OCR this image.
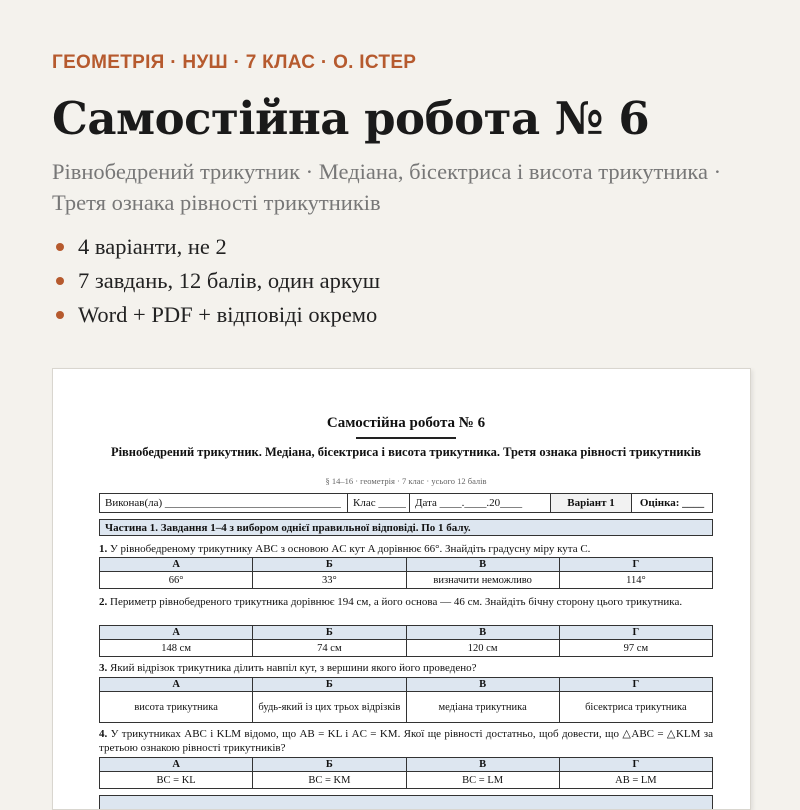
ГЕОМЕТРІЯ · НУШ · 7 КЛАС · О. ІСТЕР
Самостійна робота № 6
Рівнобедрений трикутник · Медіана, бісектриса і висота трикутника · Третя ознака рівності трикутників
4 варіанти, не 2
7 завдань, 12 балів, один аркуш
Word + PDF + відповіді окремо
Самостійна робота № 6
Рівнобедрений трикутник. Медіана, бісектриса і висота трикутника. Третя ознака рівності трикутників
§ 14–16 · геометрія · 7 клас · усього 12 балів
Виконав(ла) ________________________________	Клас _____ Дата ____.____.20____	Варіант 1	Оцінка: ____
Частина 1. Завдання 1–4 з вибором однієї правильної відповіді. По 1 балу.
1. У рівнобедреному трикутнику ABC з основою AC кут A дорівнює 66°. Знайдіть градусну міру кута C.
А	Б	В	Г
66°	33°	визначити неможливо	114°
2. Периметр рівнобедреного трикутника дорівнює 194 см, а його основа — 46 см. Знайдіть бічну сторону цього трикутника.
А	Б	В	Г
148 см	74 см	120 см	97 см
3. Який відрізок трикутника ділить навпіл кут, з вершини якого його проведено?
А	Б	В	Г
висота трикутника	будь-який із цих трьох відрізків	медіана трикутника	бісектриса трикутника
4. У трикутниках ABC і KLM відомо, що AB = KL і AC = KM. Якої ще рівності достатньо, щоб довести, що △ABC = △KLM за третьою ознакою рівності трикутників?
А	Б	В	Г
BC = KL	BC = KM	BC = LM	AB = LM
